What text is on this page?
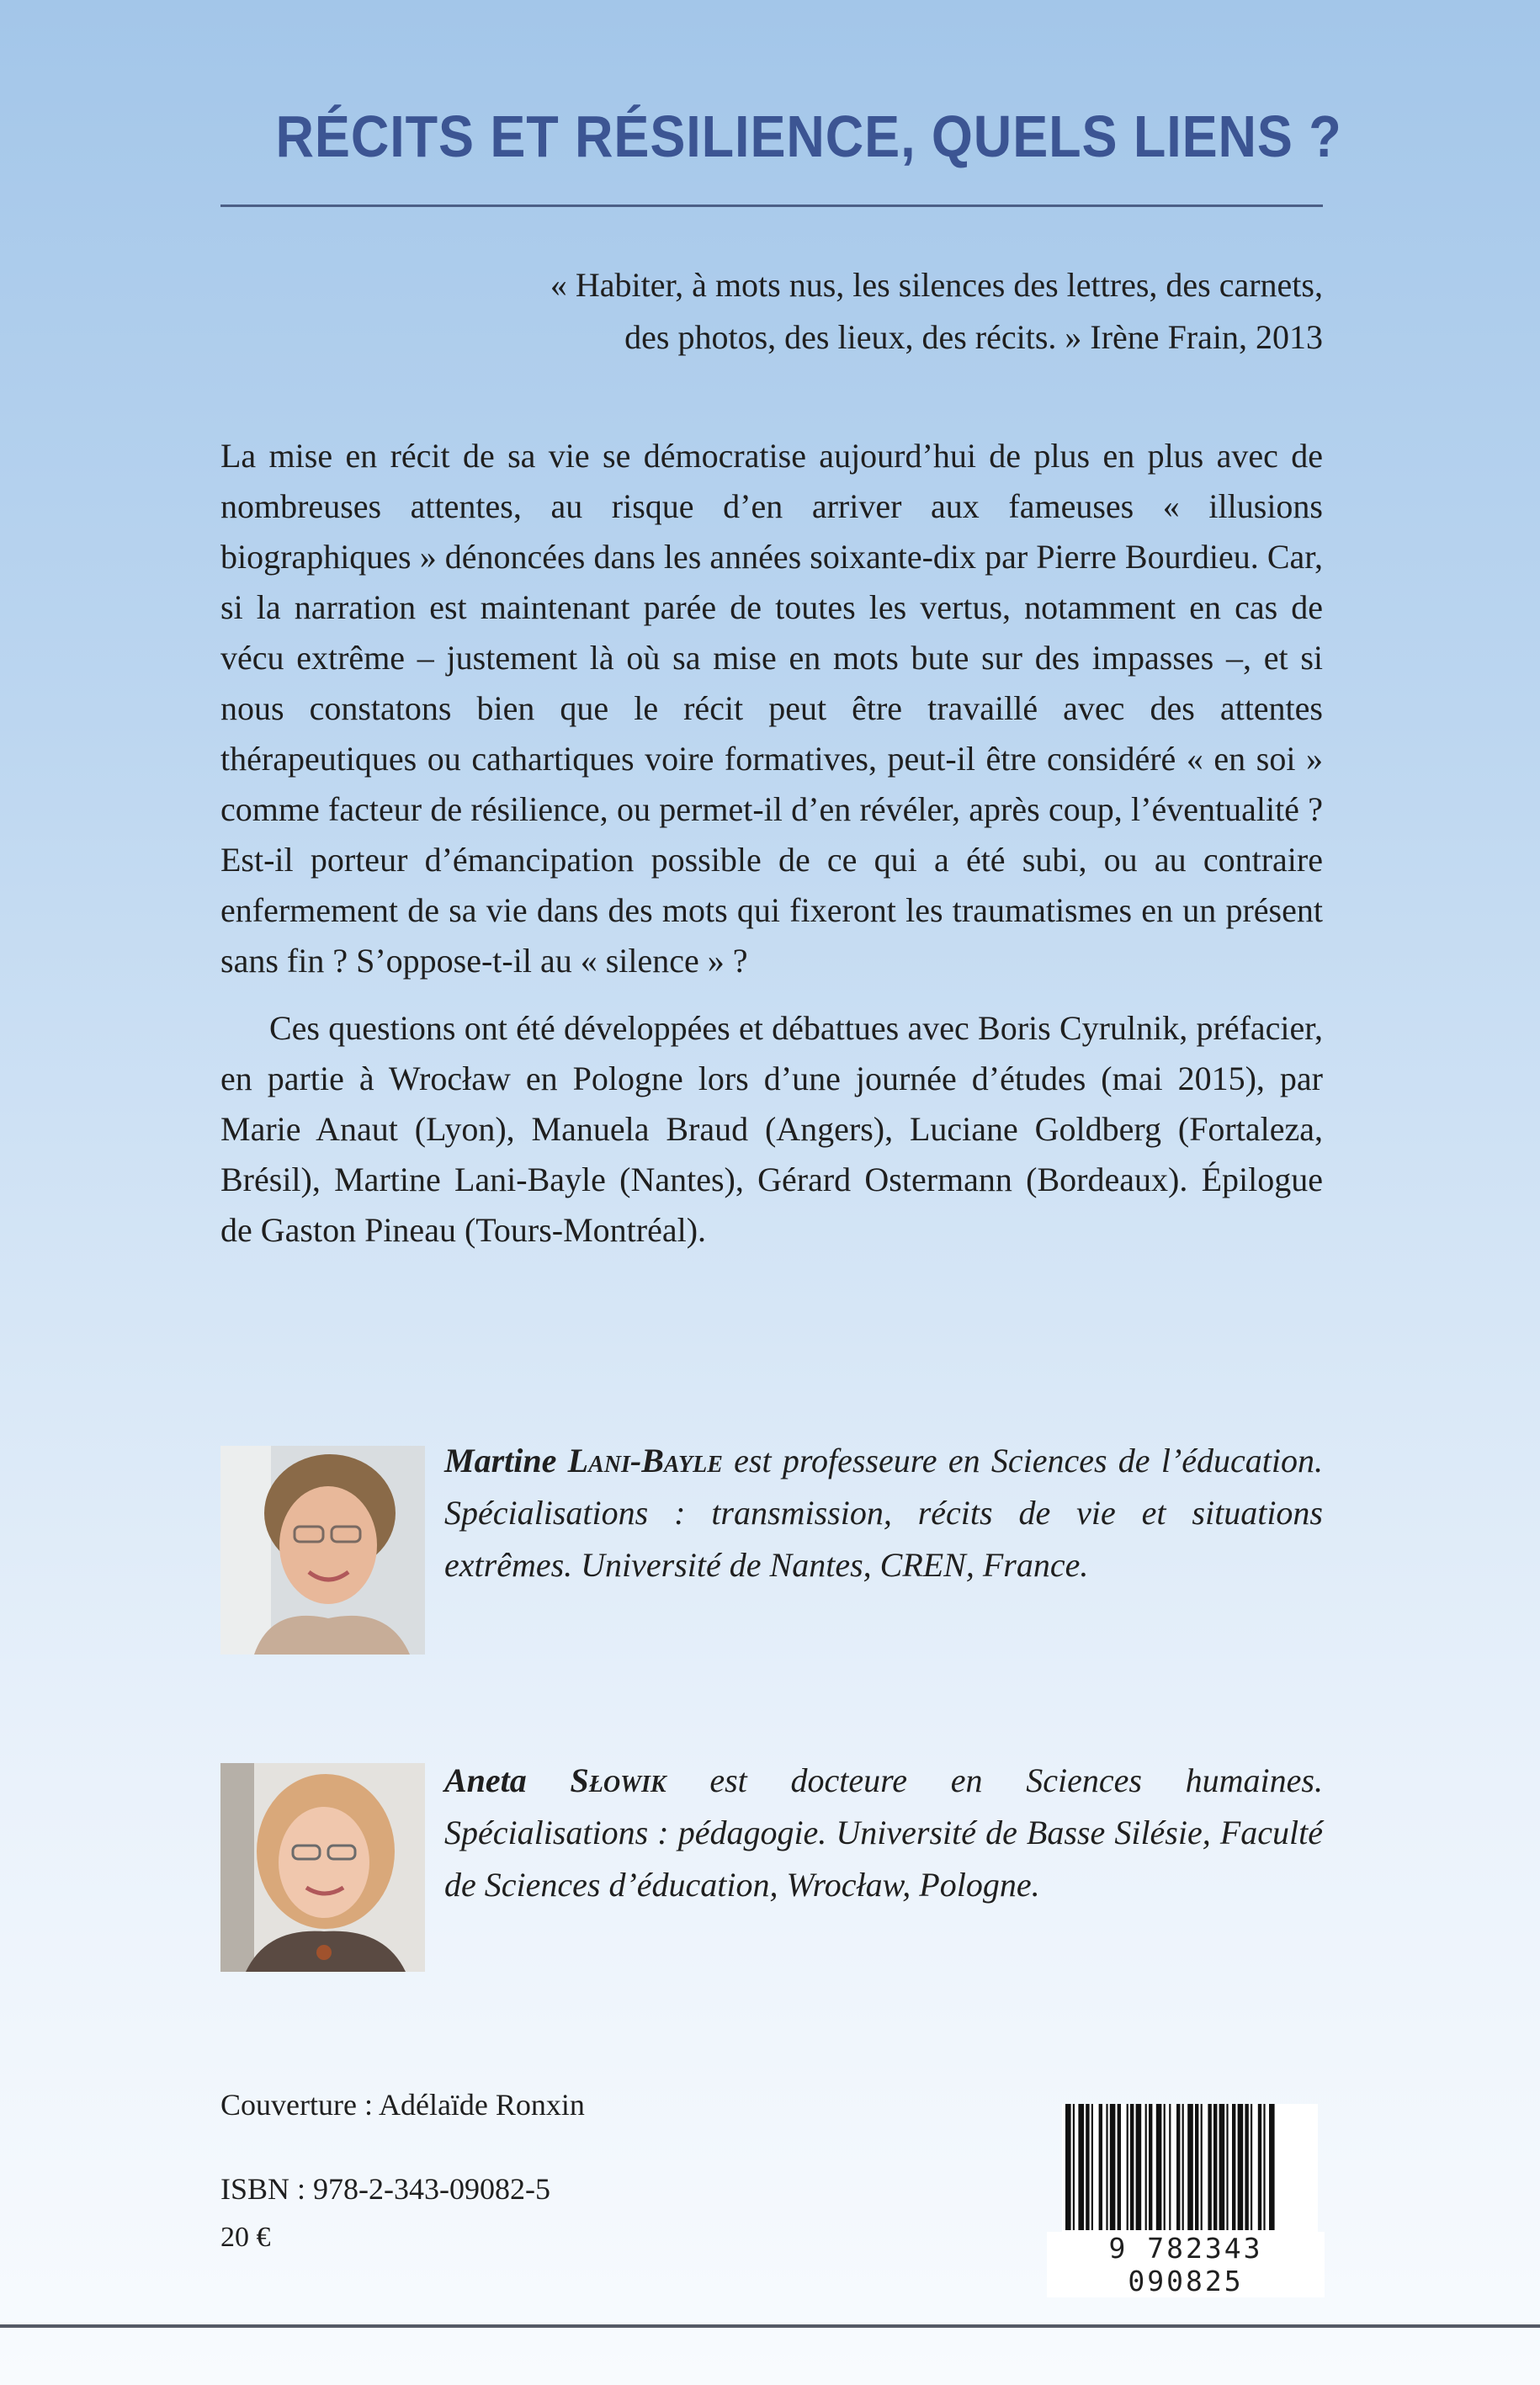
RÉCITS ET RÉSILIENCE, QUELS LIENS ?
« Habiter, à mots nus, les silences des lettres, des carnets,
des photos, des lieux, des récits. » Irène Frain, 2013

La mise en récit de sa vie se démocratise aujourd’hui de plus en plus avec de nombreuses attentes, au risque d’en arriver aux fameuses « illusions biographiques » dénoncées dans les années soixante-dix par Pierre Bourdieu. Car, si la narration est maintenant parée de toutes les vertus, notamment en cas de vécu extrême – justement là où sa mise en mots bute sur des impasses –, et si nous constatons bien que le récit peut être travaillé avec des attentes thérapeutiques ou cathartiques voire formatives, peut-il être considéré « en soi » comme facteur de résilience, ou permet-il d’en révéler, après coup, l’éventualité ? Est-il porteur d’émancipation possible de ce qui a été subi, ou au contraire enfermement de sa vie dans des mots qui fixeront les traumatismes en un présent sans fin ? S’oppose-t-il au « silence » ?

Ces questions ont été développées et débattues avec Boris Cyrulnik, préfacier, en partie à Wrocław en Pologne lors d’une journée d’études (mai 2015), par Marie Anaut (Lyon), Manuela Braud (Angers), Luciane Goldberg (Fortaleza, Brésil), Martine Lani-Bayle (Nantes), Gérard Ostermann (Bordeaux). Épilogue de Gaston Pineau (Tours-Montréal).

Martine Lani-Bayle est professeure en Sciences de l’éducation. Spécialisations : transmission, récits de vie et situations extrêmes. Université de Nantes, CREN, France.
Aneta Słowik est docteure en Sciences humaines. Spécialisations : pédagogie. Université de Basse Silésie, Faculté de Sciences d’éducation, Wrocław, Pologne.
Couverture : Adélaïde Ronxin
ISBN : 978-2-343-09082-5
20 €	9 782343 090825
